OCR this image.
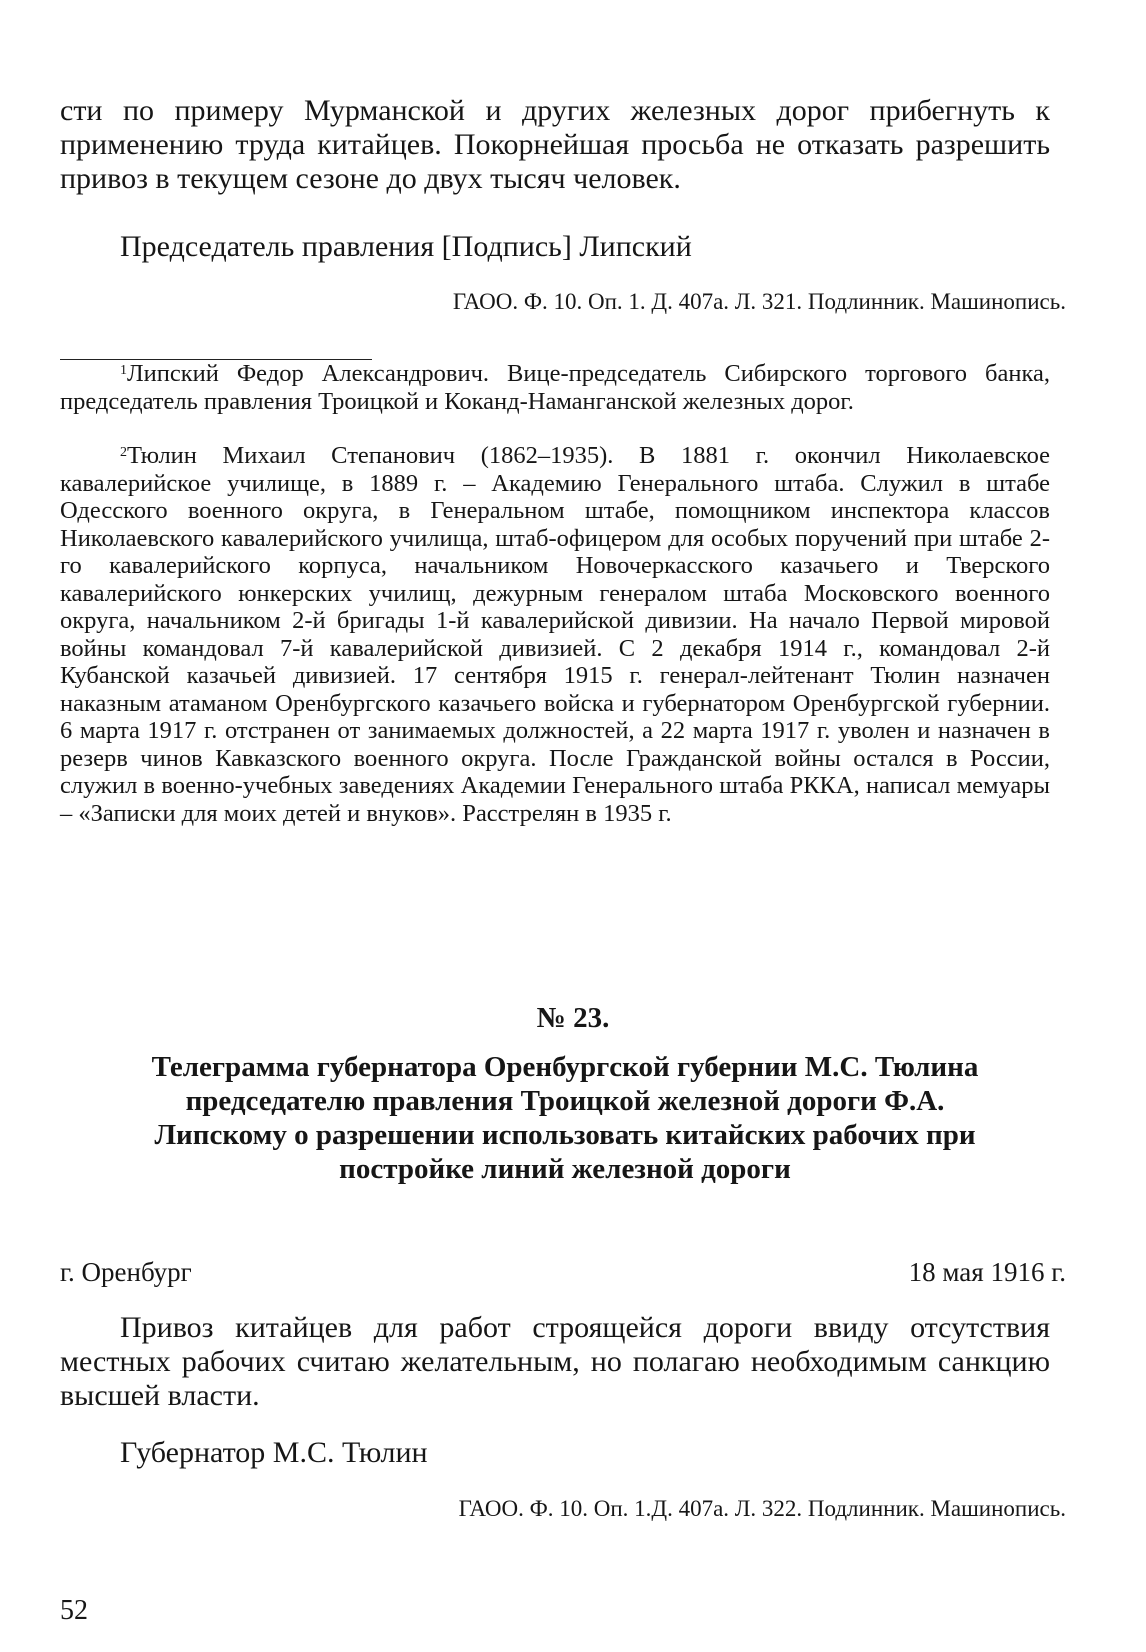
сти по примеру Мурманской и других железных дорог прибегнуть к применению труда китайцев. Покорнейшая просьба не отказать разрешить привоз в текущем сезоне до двух тысяч человек.

Председатель правления [Подпись] Липский

ГАОО. Ф. 10. Оп. 1. Д. 407а. Л. 321. Подлинник. Машинопись.

$^1$Липский Федор Александрович. Вице-председатель Сибирского торгового банка, председатель правления Троицкой и Коканд-Наманганской железных дорог.

$^2$Тюлин Михаил Степанович (1862–1935). В 1881 г. окончил Николаевское кавалерийское училище, в 1889 г. – Академию Генерального штаба. Служил в штабе Одесского военного округа, в Генеральном штабе, помощником инспектора классов Николаевского кавалерийского училища, штаб-офицером для особых поручений при штабе 2-го кавалерийского корпуса, начальником Новочеркасского казачьего и Тверского кавалерийского юнкерских училищ, дежурным генералом штаба Московского военного округа, начальником 2-й бригады 1-й кавалерийской дивизии. На начало Первой мировой войны командовал 7-й кавалерийской дивизией. С 2 декабря 1914 г., командовал 2-й Кубанской казачьей дивизией. 17 сентября 1915 г. генерал-лейтенант Тюлин назначен наказным атаманом Оренбургского казачьего войска и губернатором Оренбургской губернии. 6 марта 1917 г. отстранен от занимаемых должностей, а 22 марта 1917 г. уволен и назначен в резерв чинов Кавказского военного округа. После Гражданской войны остался в России, служил в военно-учебных заведениях Академии Генерального штаба РККА, написал мемуары – «Записки для моих детей и внуков». Расстрелян в 1935 г.

№ 23.

Телеграмма губернатора Оренбургской губернии М.С. Тюлина председателю правления Троицкой железной дороги Ф.А. Липскому о разрешении использовать китайских рабочих при постройке линий железной дороги

г. Оренбург	18 мая 1916 г.

Привоз китайцев для работ строящейся дороги ввиду отсутствия местных рабочих считаю желательным, но полагаю необходимым санкцию высшей власти.

Губернатор М.С. Тюлин

ГАОО. Ф. 10. Оп. 1.Д. 407а. Л. 322. Подлинник. Машинопись.
52
